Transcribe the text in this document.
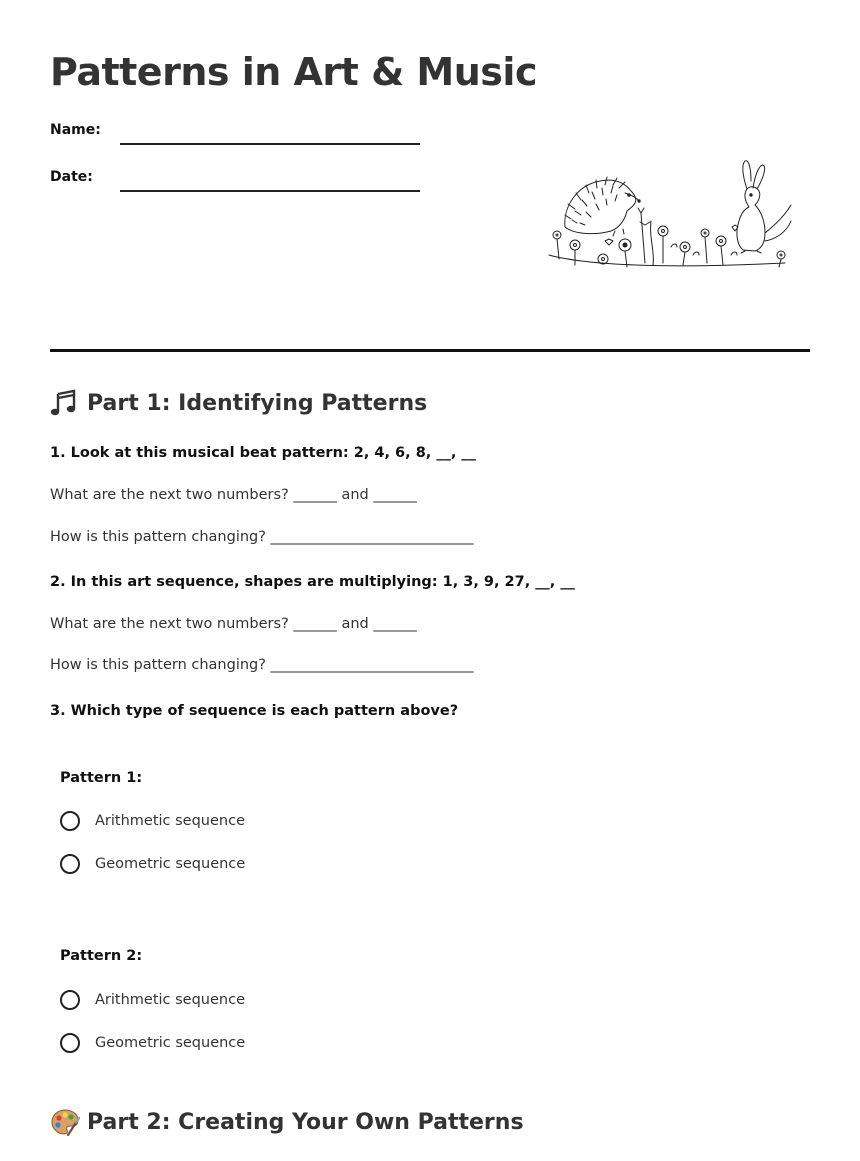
Patterns in Art & Music
Name:
Date:
Part 1: Identifying Patterns
1. Look at this musical beat pattern: 2, 4, 6, 8, __, __
What are the next two numbers? ______ and ______
How is this pattern changing? ____________________________
2. In this art sequence, shapes are multiplying: 1, 3, 9, 27, __, __
What are the next two numbers? ______ and ______
How is this pattern changing? ____________________________
3. Which type of sequence is each pattern above?
Pattern 1:
Arithmetic sequence
Geometric sequence
Pattern 2:
Arithmetic sequence
Geometric sequence
Part 2: Creating Your Own Patterns
